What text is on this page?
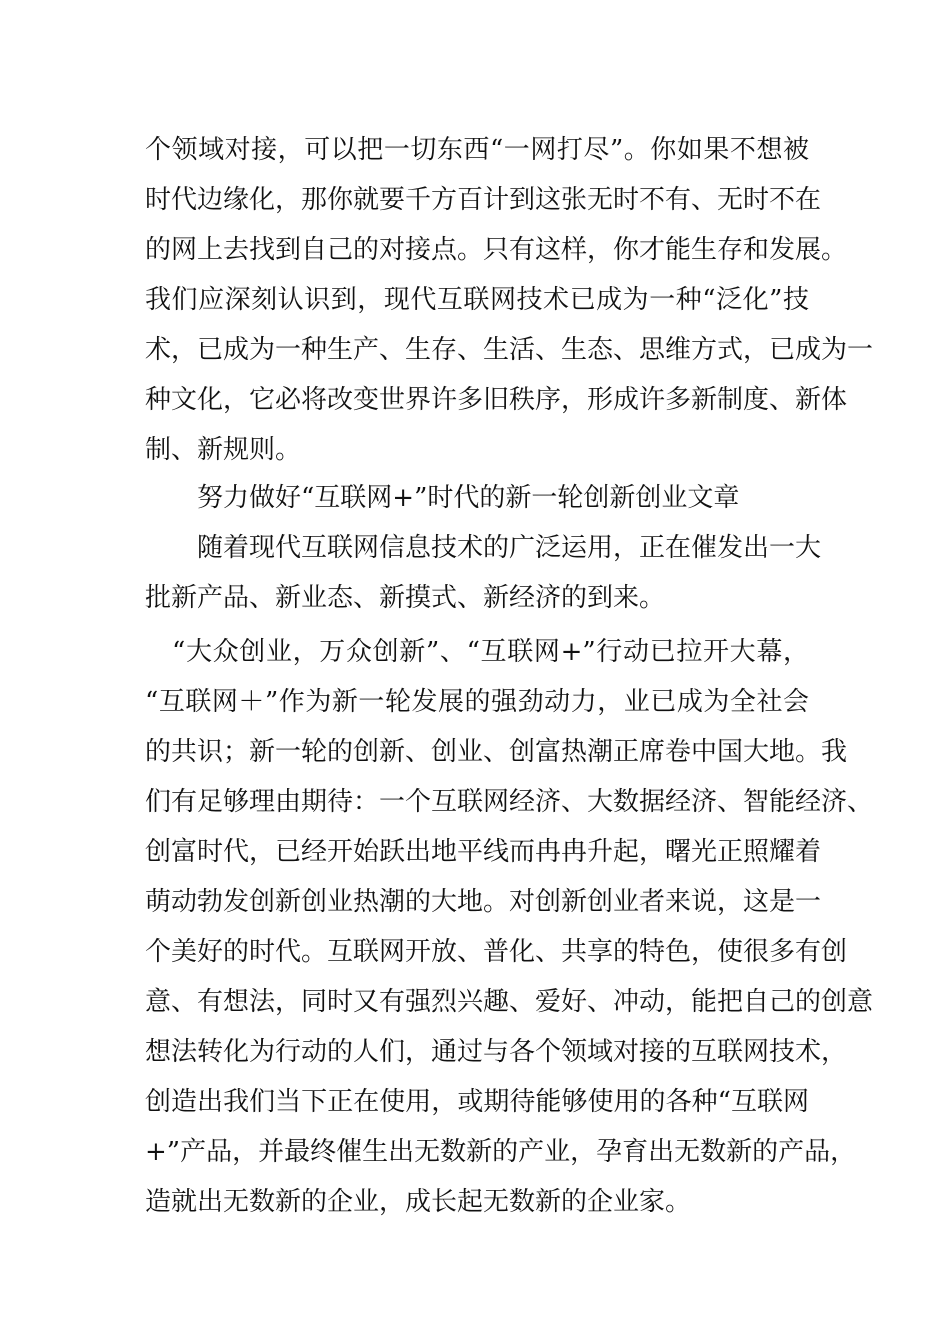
个领域对接，可以把一切东西“一网打尽”。你如果不想被
时代边缘化，那你就要千方百计到这张无时不有、无时不在
的网上去找到自己的对接点。只有这样，你才能生存和发展。
我们应深刻认识到，现代互联网技术已成为一种“泛化”技
术，已成为一种生产、生存、生活、生态、思维方式，已成为一
种文化，它必将改变世界许多旧秩序，形成许多新制度、新体
制、新规则。
努力做好“互联网+”时代的新一轮创新创业文章
随着现代互联网信息技术的广泛运用，正在催发出一大
批新产品、新业态、新摸式、新经济的到来。
“大众创业，万众创新”、“互联网+”行动已拉开大幕，
“互联网＋”作为新一轮发展的强劲动力，业已成为全社会
的共识；新一轮的创新、创业、创富热潮正席卷中国大地。我
们有足够理由期待：一个互联网经济、大数据经济、智能经济、
创富时代，已经开始跃出地平线而冉冉升起，曙光正照耀着
萌动勃发创新创业热潮的大地。对创新创业者来说，这是一
个美好的时代。互联网开放、普化、共享的特色，使很多有创
意、有想法，同时又有强烈兴趣、爱好、冲动，能把自己的创意
想法转化为行动的人们，通过与各个领域对接的互联网技术，
创造出我们当下正在使用，或期待能够使用的各种“互联网
+”产品，并最终催生出无数新的产业，孕育出无数新的产品，
造就出无数新的企业，成长起无数新的企业家。
